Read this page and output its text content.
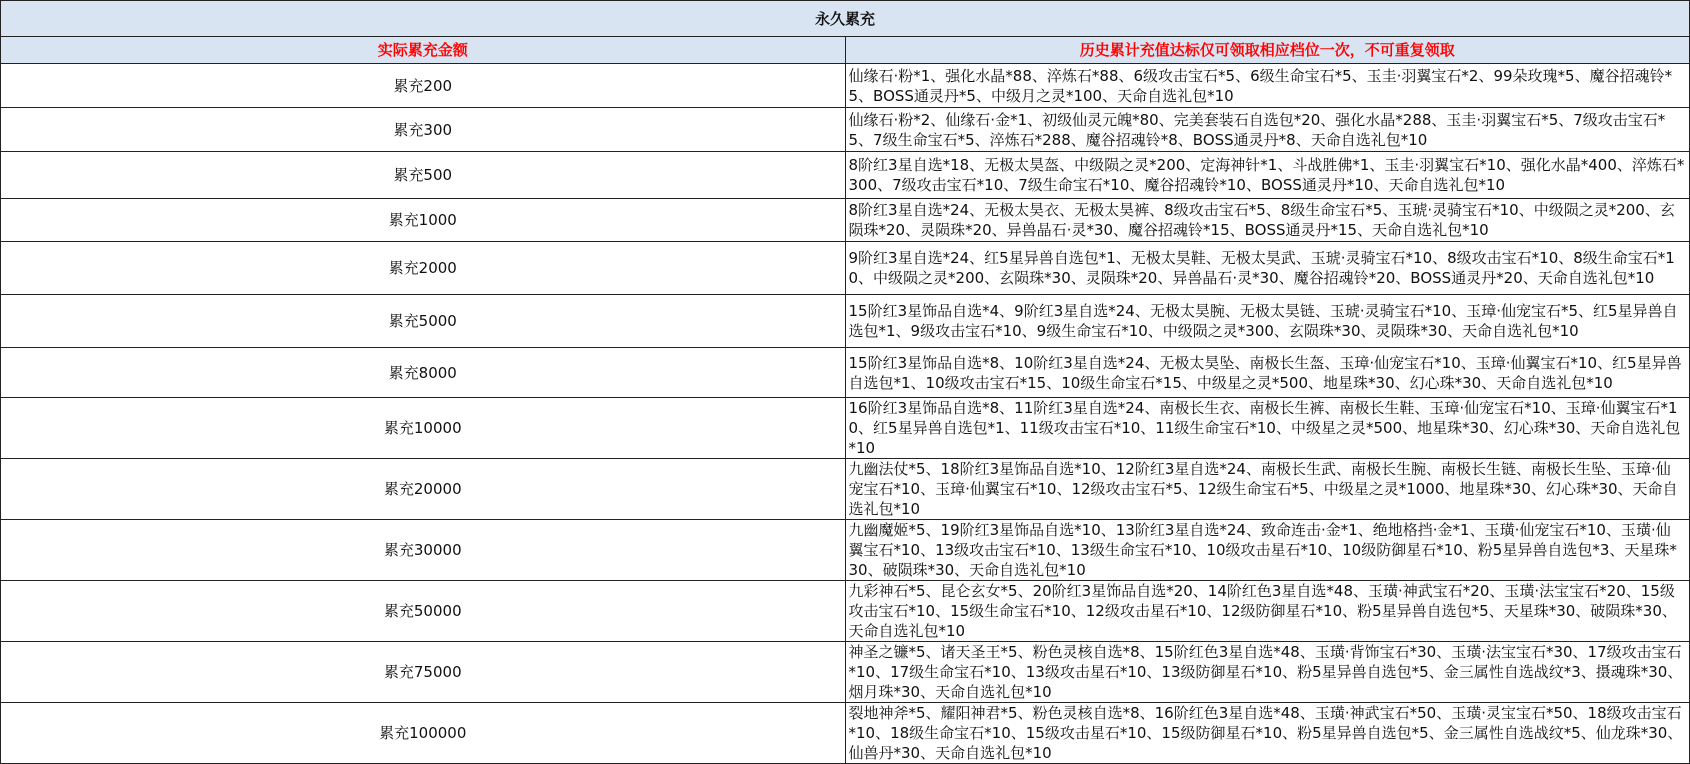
永久累充	
实际累充金额	历史累计充值达标仅可领取相应档位一次，不可重复领取
累充200	仙缘石·粉*1、强化水晶*88、淬炼石*88、6级攻击宝石*5、6级生命宝石*5、玉圭·羽翼宝石*2、99朵玫瑰*5、魔谷招魂铃*5、BOSS通灵丹*5、中级月之灵*100、天命自选礼包*10
累充300	仙缘石·粉*2、仙缘石·金*1、初级仙灵元魄*80、完美套装石自选包*20、强化水晶*288、玉圭·羽翼宝石*5、7级攻击宝石*5、7级生命宝石*5、淬炼石*288、魔谷招魂铃*8、BOSS通灵丹*8、天命自选礼包*10
累充500	8阶红3星自选*18、无极太昊盔、中级陨之灵*200、定海神针*1、斗战胜佛*1、玉圭·羽翼宝石*10、强化水晶*400、淬炼石*300、7级攻击宝石*10、7级生命宝石*10、魔谷招魂铃*10、BOSS通灵丹*10、天命自选礼包*10
累充1000	8阶红3星自选*24、无极太昊衣、无极太昊裤、8级攻击宝石*5、8级生命宝石*5、玉琥·灵骑宝石*10、中级陨之灵*200、玄陨珠*20、灵陨珠*20、异兽晶石·灵*30、魔谷招魂铃*15、BOSS通灵丹*15、天命自选礼包*10
累充2000	9阶红3星自选*24、红5星异兽自选包*1、无极太昊鞋、无极太昊武、玉琥·灵骑宝石*10、8级攻击宝石*10、8级生命宝石*10、中级陨之灵*200、玄陨珠*30、灵陨珠*20、异兽晶石·灵*30、魔谷招魂铃*20、BOSS通灵丹*20、天命自选礼包*10
累充5000	15阶红3星饰品自选*4、9阶红3星自选*24、无极太昊腕、无极太昊链、玉琥·灵骑宝石*10、玉璋·仙宠宝石*5、红5星异兽自选包*1、9级攻击宝石*10、9级生命宝石*10、中级陨之灵*300、玄陨珠*30、灵陨珠*30、天命自选礼包*10
累充8000	15阶红3星饰品自选*8、10阶红3星自选*24、无极太昊坠、南极长生盔、玉璋·仙宠宝石*10、玉璋·仙翼宝石*10、红5星异兽自选包*1、10级攻击宝石*15、10级生命宝石*15、中级星之灵*500、地星珠*30、幻心珠*30、天命自选礼包*10
累充10000	16阶红3星饰品自选*8、11阶红3星自选*24、南极长生衣、南极长生裤、南极长生鞋、玉璋·仙宠宝石*10、玉璋·仙翼宝石*10、红5星异兽自选包*1、11级攻击宝石*10、11级生命宝石*10、中级星之灵*500、地星珠*30、幻心珠*30、天命自选礼包*10
累充20000	九幽法仗*5、18阶红3星饰品自选*10、12阶红3星自选*24、南极长生武、南极长生腕、南极长生链、南极长生坠、玉璋·仙宠宝石*10、玉璋·仙翼宝石*10、12级攻击宝石*5、12级生命宝石*5、中级星之灵*1000、地星珠*30、幻心珠*30、天命自选礼包*10
累充30000	九幽魔姬*5、19阶红3星饰品自选*10、13阶红3星自选*24、致命连击·金*1、绝地格挡·金*1、玉璜·仙宠宝石*10、玉璜·仙翼宝石*10、13级攻击宝石*10、13级生命宝石*10、10级攻击星石*10、10级防御星石*10、粉5星异兽自选包*3、天星珠*30、破陨珠*30、天命自选礼包*10
累充50000	九彩神石*5、昆仑玄女*5、20阶红3星饰品自选*20、14阶红色3星自选*48、玉璜·神武宝石*20、玉璜·法宝宝石*20、15级攻击宝石*10、15级生命宝石*10、12级攻击星石*10、12级防御星石*10、粉5星异兽自选包*5、天星珠*30、破陨珠*30、天命自选礼包*10
累充75000	神圣之镰*5、诸天圣王*5、粉色灵核自选*8、15阶红色3星自选*48、玉璜·背饰宝石*30、玉璜·法宝宝石*30、17级攻击宝石*10、17级生命宝石*10、13级攻击星石*10、13级防御星石*10、粉5星异兽自选包*5、金三属性自选战纹*3、摄魂珠*30、烟月珠*30、天命自选礼包*10
累充100000	裂地神斧*5、耀阳神君*5、粉色灵核自选*8、16阶红色3星自选*48、玉璜·神武宝石*50、玉璜·灵宝宝石*50、18级攻击宝石*10、18级生命宝石*10、15级攻击星石*10、15级防御星石*10、粉5星异兽自选包*5、金三属性自选战纹*5、仙龙珠*30、仙兽丹*30、天命自选礼包*10
